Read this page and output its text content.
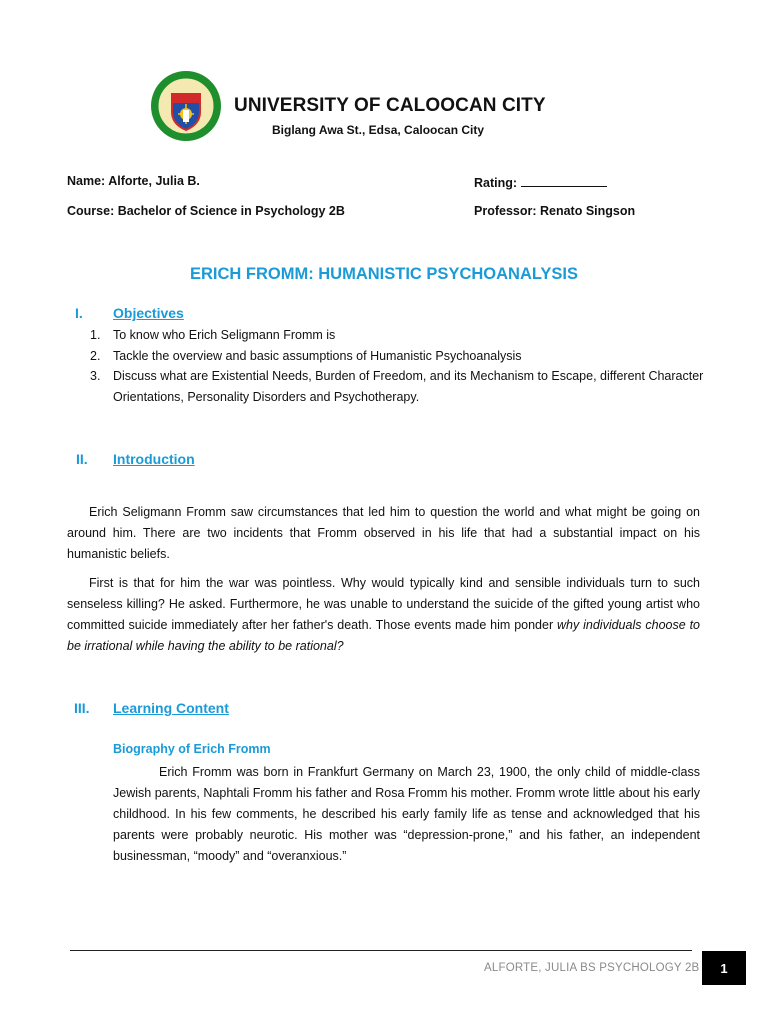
UNIVERSITY OF CALOOCAN CITY
Biglang Awa St., Edsa, Caloocan City
Name: Alforte, Julia B.	Rating:
Course: Bachelor of Science in Psychology 2B	Professor: Renato Singson
ERICH FROMM: HUMANISTIC PSYCHOANALYSIS
I. Objectives
1.	To know who Erich Seligmann Fromm is
2.	Tackle the overview and basic assumptions of Humanistic Psychoanalysis
3.	Discuss what are Existential Needs, Burden of Freedom, and its Mechanism to Escape, different Character Orientations, Personality Disorders and Psychotherapy.
II. Introduction
Erich Seligmann Fromm saw circumstances that led him to question the world and what might be going on around him. There are two incidents that Fromm observed in his life that had a substantial impact on his humanistic beliefs.
First is that for him the war was pointless. Why would typically kind and sensible individuals turn to such senseless killing? He asked. Furthermore, he was unable to understand the suicide of the gifted young artist who committed suicide immediately after her father's death. Those events made him ponder why individuals choose to be irrational while having the ability to be rational?
III. Learning Content
Biography of Erich Fromm
Erich Fromm was born in Frankfurt Germany on March 23, 1900, the only child of middle-class Jewish parents, Naphtali Fromm his father and Rosa Fromm his mother. Fromm wrote little about his early childhood. In his few comments, he described his early family life as tense and acknowledged that his parents were probably neurotic. His mother was “depression-prone,” and his father, an independent businessman, “moody” and “overanxious.”
ALFORTE, JULIA BS PSYCHOLOGY 2B	1
